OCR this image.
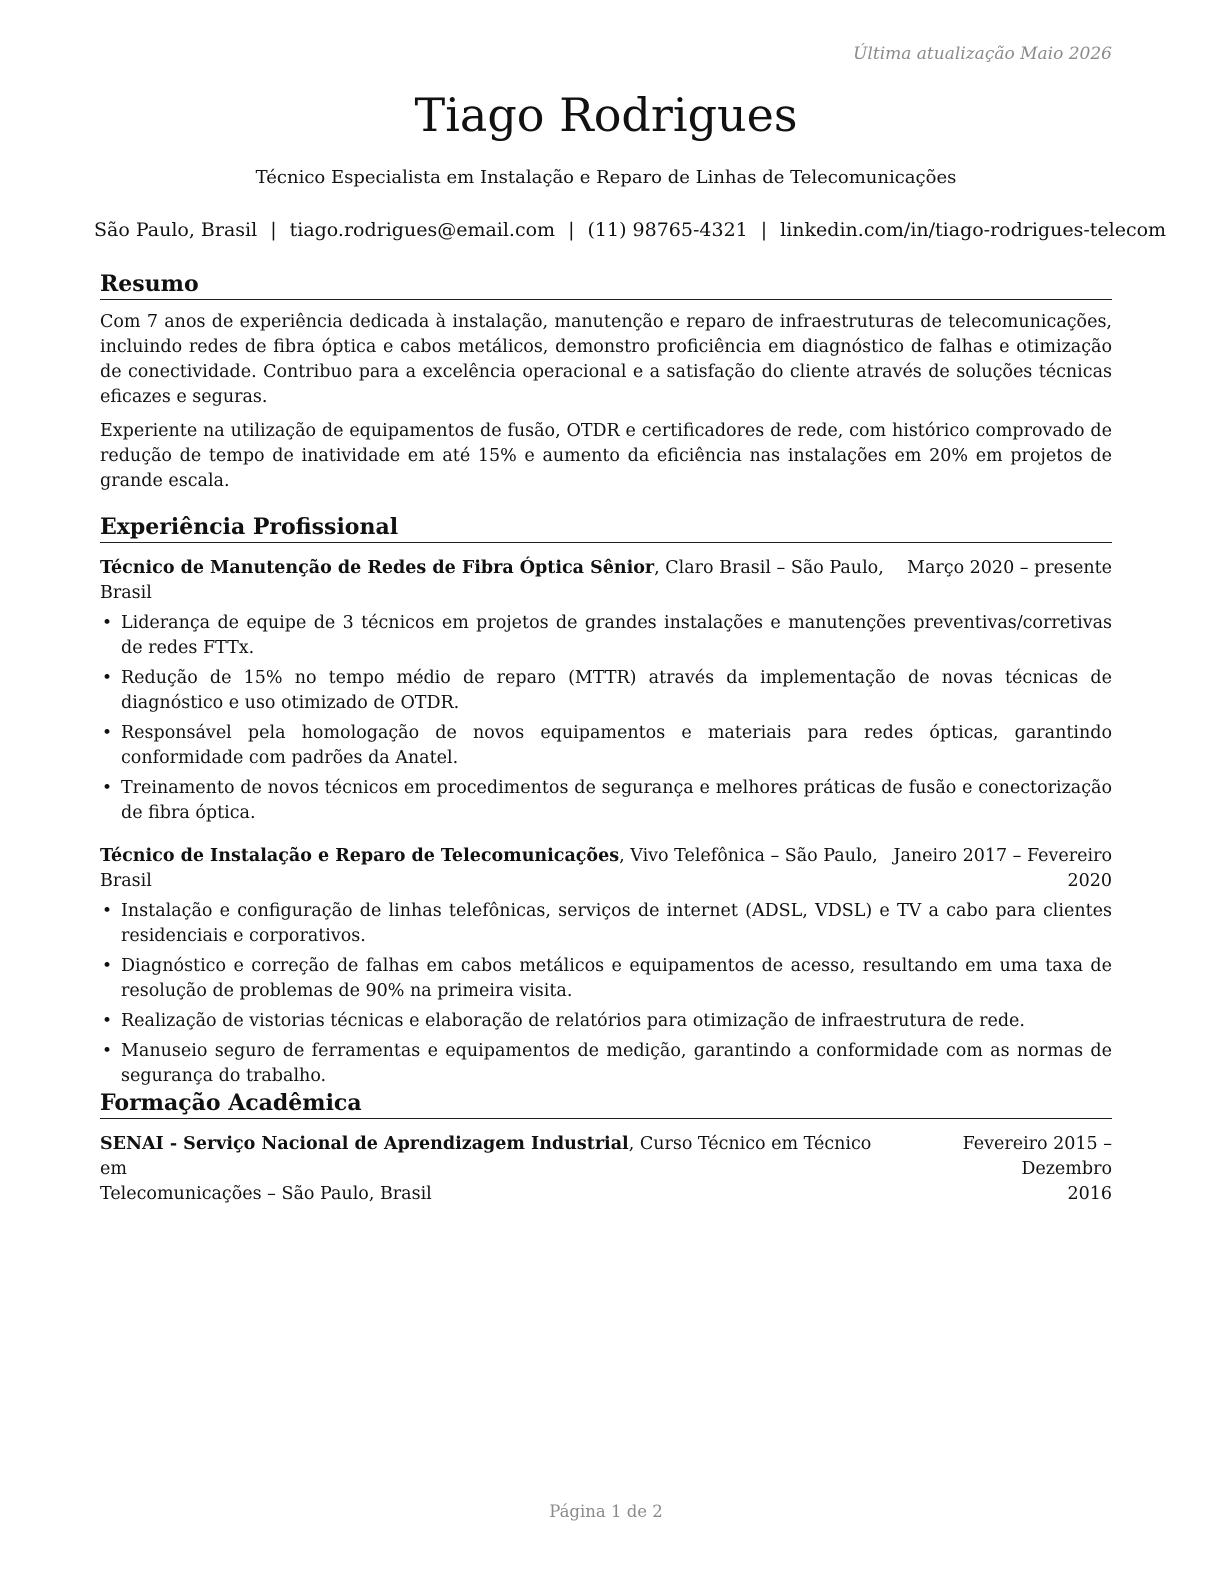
Última atualização Maio 2026
Tiago Rodrigues
Técnico Especialista em Instalação e Reparo de Linhas de Telecomunicações
São Paulo, Brasil | tiago.rodrigues@email.com | (11) 98765-4321 | linkedin.com/in/tiago-rodrigues-telecom
Resumo

Com 7 anos de experiência dedicada à instalação, manutenção e reparo de infraestruturas de telecomunicações, incluindo redes de fibra óptica e cabos metálicos, demonstro proficiência em diagnóstico de falhas e otimização de conectividade. Contribuo para a excelência operacional e a satisfação do cliente através de soluções técnicas eficazes e seguras.

Experiente na utilização de equipamentos de fusão, OTDR e certificadores de rede, com histórico comprovado de redução de tempo de inatividade em até 15% e aumento da eficiência nas instalações em 20% em projetos de grande escala.

Experiência Profissional
Técnico de Manutenção de Redes de Fibra Óptica Sênior, Claro Brasil – São Paulo, Brasil
Março 2020 – presente
• Liderança de equipe de 3 técnicos em projetos de grandes instalações e manutenções preventivas/corretivas de redes FTTx.
• Redução de 15% no tempo médio de reparo (MTTR) através da implementação de novas técnicas de diagnóstico e uso otimizado de OTDR.
• Responsável pela homologação de novos equipamentos e materiais para redes ópticas, garantindo conformidade com padrões da Anatel.
• Treinamento de novos técnicos em procedimentos de segurança e melhores práticas de fusão e conectorização de fibra óptica.
Técnico de Instalação e Reparo de Telecomunicações, Vivo Telefônica – São Paulo, Brasil
Janeiro 2017 – Fevereiro
2020
• Instalação e configuração de linhas telefônicas, serviços de internet (ADSL, VDSL) e TV a cabo para clientes residenciais e corporativos.
• Diagnóstico e correção de falhas em cabos metálicos e equipamentos de acesso, resultando em uma taxa de resolução de problemas de 90% na primeira visita.
• Realização de vistorias técnicas e elaboração de relatórios para otimização de infraestrutura de rede.
• Manuseio seguro de ferramentas e equipamentos de medição, garantindo a conformidade com as normas de segurança do trabalho.
Formação Acadêmica
SENAI - Serviço Nacional de Aprendizagem Industrial, Curso Técnico em Técnico em
Telecomunicações – São Paulo, Brasil
Fevereiro 2015 – Dezembro
2016
Página 1 de 2
